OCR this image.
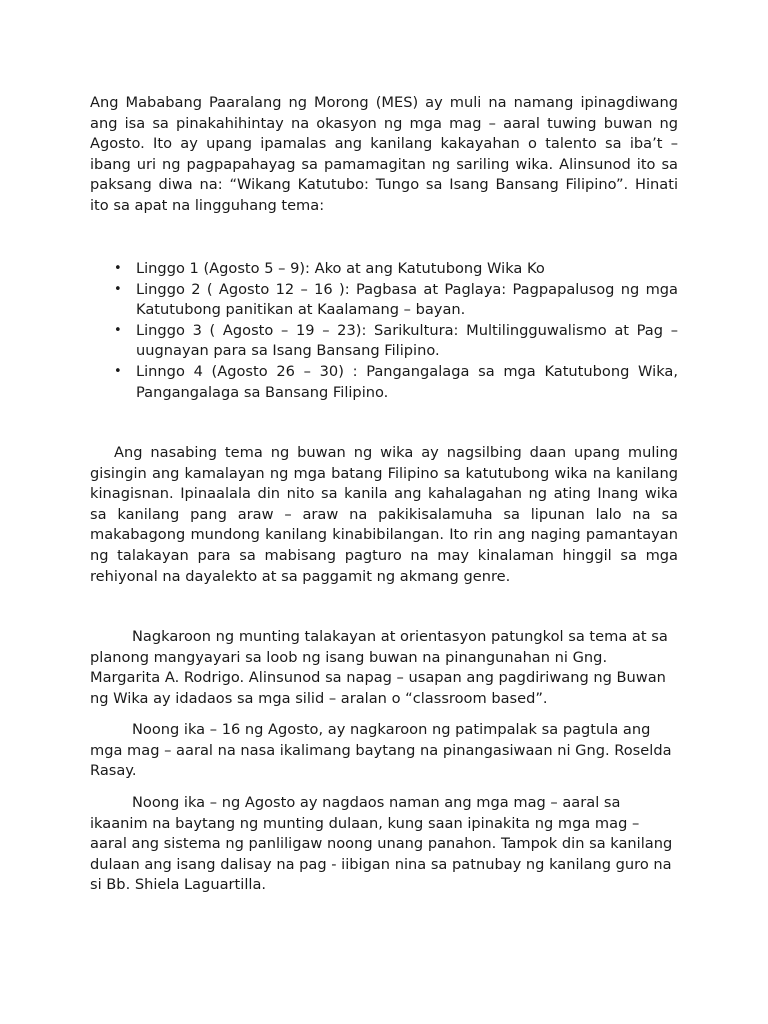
Ang Mababang Paaralang ng Morong (MES) ay muli na namang ipinagdiwang ang isa sa pinakahihintay na okasyon ng mga mag – aaral tuwing buwan ng Agosto. Ito ay upang ipamalas ang kanilang kakayahan o talento sa iba’t – ibang uri ng pagpapahayag sa pamamagitan ng sariling wika. Alinsunod ito sa paksang diwa na: “Wikang Katutubo: Tungo sa Isang Bansang Filipino”. Hinati ito sa apat na lingguhang tema:

• Linggo 1 (Agosto 5 – 9): Ako at ang Katutubong Wika Ko
• Linggo 2 ( Agosto 12 – 16 ): Pagbasa at Paglaya: Pagpapalusog ng mga Katutubong panitikan at Kaalamang – bayan.
• Linggo 3 ( Agosto – 19 – 23): Sarikultura: Multilingguwalismo at Pag – uugnayan para sa Isang Bansang Filipino.
• Linngo 4 (Agosto 26 – 30) : Pangangalaga sa mga Katutubong Wika, Pangangalaga sa Bansang Filipino.

Ang nasabing tema ng buwan ng wika ay nagsilbing daan upang muling gisingin ang kamalayan ng mga batang Filipino sa katutubong wika na kanilang kinagisnan. Ipinaalala din nito sa kanila ang kahalagahan ng ating Inang wika sa kanilang pang araw – araw na pakikisalamuha sa lipunan lalo na sa makabagong mundong kanilang kinabibilangan. Ito rin ang naging pamantayan ng talakayan para sa mabisang pagturo na may kinalaman hinggil sa mga rehiyonal na dayalekto at sa paggamit ng akmang genre.

Nagkaroon ng munting talakayan at orientasyon patungkol sa tema at sa planong mangyayari sa loob ng isang buwan na pinangunahan ni Gng. Margarita A. Rodrigo. Alinsunod sa napag – usapan ang pagdiriwang ng Buwan ng Wika ay idadaos sa mga silid – aralan o “classroom based”.

Noong ika – 16 ng Agosto, ay nagkaroon ng patimpalak sa pagtula ang mga mag – aaral na nasa ikalimang baytang na pinangasiwaan ni Gng. Roselda Rasay.

Noong ika – ng Agosto ay nagdaos naman ang mga mag – aaral sa ikaanim na baytang ng munting dulaan, kung saan ipinakita ng mga mag – aaral ang sistema ng panliligaw noong unang panahon. Tampok din sa kanilang dulaan ang isang dalisay na pag - iibigan nina sa patnubay ng kanilang guro na si Bb. Shiela Laguartilla.
